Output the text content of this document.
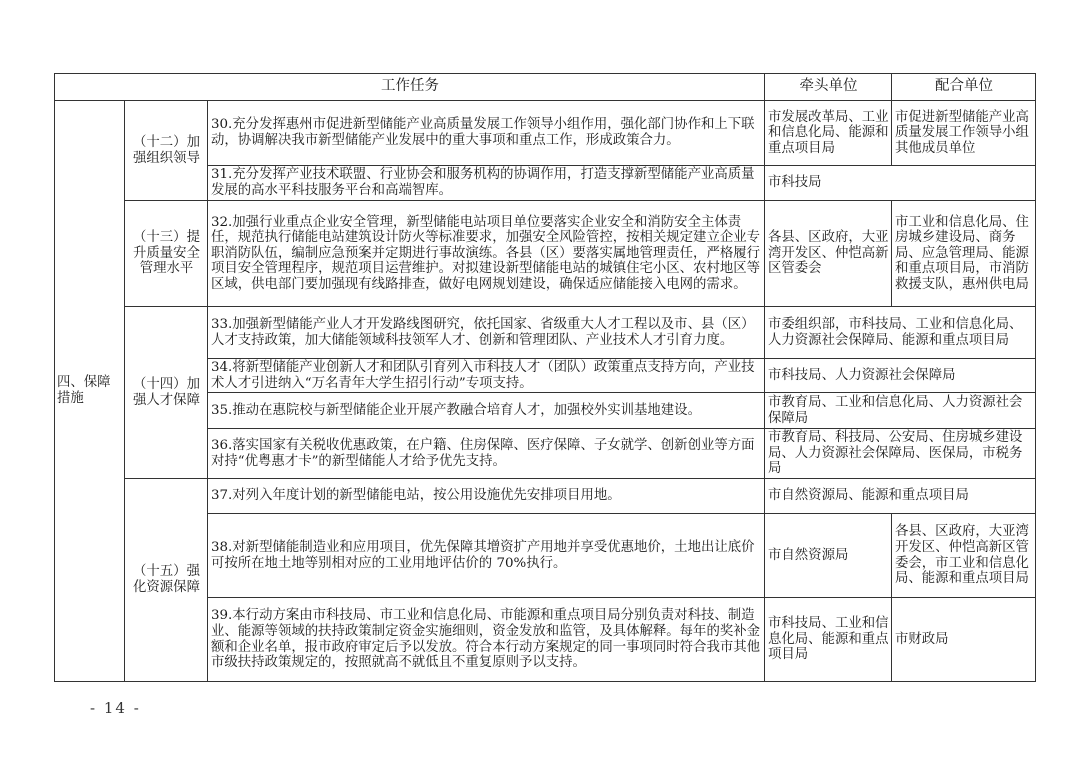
工作任务			牵头单位	配合单位
四、保障措施	（十二）加强组织领导	30.充分发挥惠州市促进新型储能产业高质量发展工作领导小组作用，强化部门协作和上下联动，协调解决我市新型储能产业发展中的重大事项和重点工作，形成政策合力。	市发展改革局、工业和信息化局、能源和重点项目局	市促进新型储能产业高质量发展工作领导小组其他成员单位
		31.充分发挥产业技术联盟、行业协会和服务机构的协调作用，打造支撑新型储能产业高质量发展的高水平科技服务平台和高端智库。	市科技局	
	（十三）提升质量安全管理水平	32.加强行业重点企业安全管理，新型储能电站项目单位要落实企业安全和消防安全主体责任，规范执行储能电站建筑设计防火等标准要求，加强安全风险管控，按相关规定建立企业专职消防队伍，编制应急预案并定期进行事故演练。各县（区）要落实属地管理责任，严格履行项目安全管理程序，规范项目运营维护。对拟建设新型储能电站的城镇住宅小区、农村地区等区域，供电部门要加强现有线路排查，做好电网规划建设，确保适应储能接入电网的需求。	各县、区政府，大亚湾开发区、仲恺高新区管委会	市工业和信息化局、住房城乡建设局、商务局、应急管理局、能源和重点项目局，市消防救援支队，惠州供电局
	（十四）加强人才保障	33.加强新型储能产业人才开发路线图研究，依托国家、省级重大人才工程以及市、县（区）人才支持政策，加大储能领域科技领军人才、创新和管理团队、产业技术人才引育力度。	市委组织部，市科技局、工业和信息化局、人力资源社会保障局、能源和重点项目局	
		34.将新型储能产业创新人才和团队引育列入市科技人才（团队）政策重点支持方向，产业技术人才引进纳入“万名青年大学生招引行动”专项支持。	市科技局、人力资源社会保障局	
		35.推动在惠院校与新型储能企业开展产教融合培育人才，加强校外实训基地建设。	市教育局、工业和信息化局、人力资源社会保障局	
		36.落实国家有关税收优惠政策，在户籍、住房保障、医疗保障、子女就学、创新创业等方面对持“优粤惠才卡”的新型储能人才给予优先支持。	市教育局、科技局、公安局、住房城乡建设局、人力资源社会保障局、医保局，市税务局	
	（十五）强化资源保障	37.对列入年度计划的新型储能电站，按公用设施优先安排项目用地。	市自然资源局、能源和重点项目局	
		38.对新型储能制造业和应用项目，优先保障其增资扩产用地并享受优惠地价，土地出让底价可按所在地土地等别相对应的工业用地评估价的 70%执行。	市自然资源局	各县、区政府，大亚湾开发区、仲恺高新区管委会，市工业和信息化局、能源和重点项目局
		39.本行动方案由市科技局、市工业和信息化局、市能源和重点项目局分别负责对科技、制造业、能源等领域的扶持政策制定资金实施细则，资金发放和监管，及具体解释。每年的奖补金额和企业名单，报市政府审定后予以发放。符合本行动方案规定的同一事项同时符合我市其他市级扶持政策规定的，按照就高不就低且不重复原则予以支持。	市科技局、工业和信息化局、能源和重点项目局	市财政局
- 14 -
